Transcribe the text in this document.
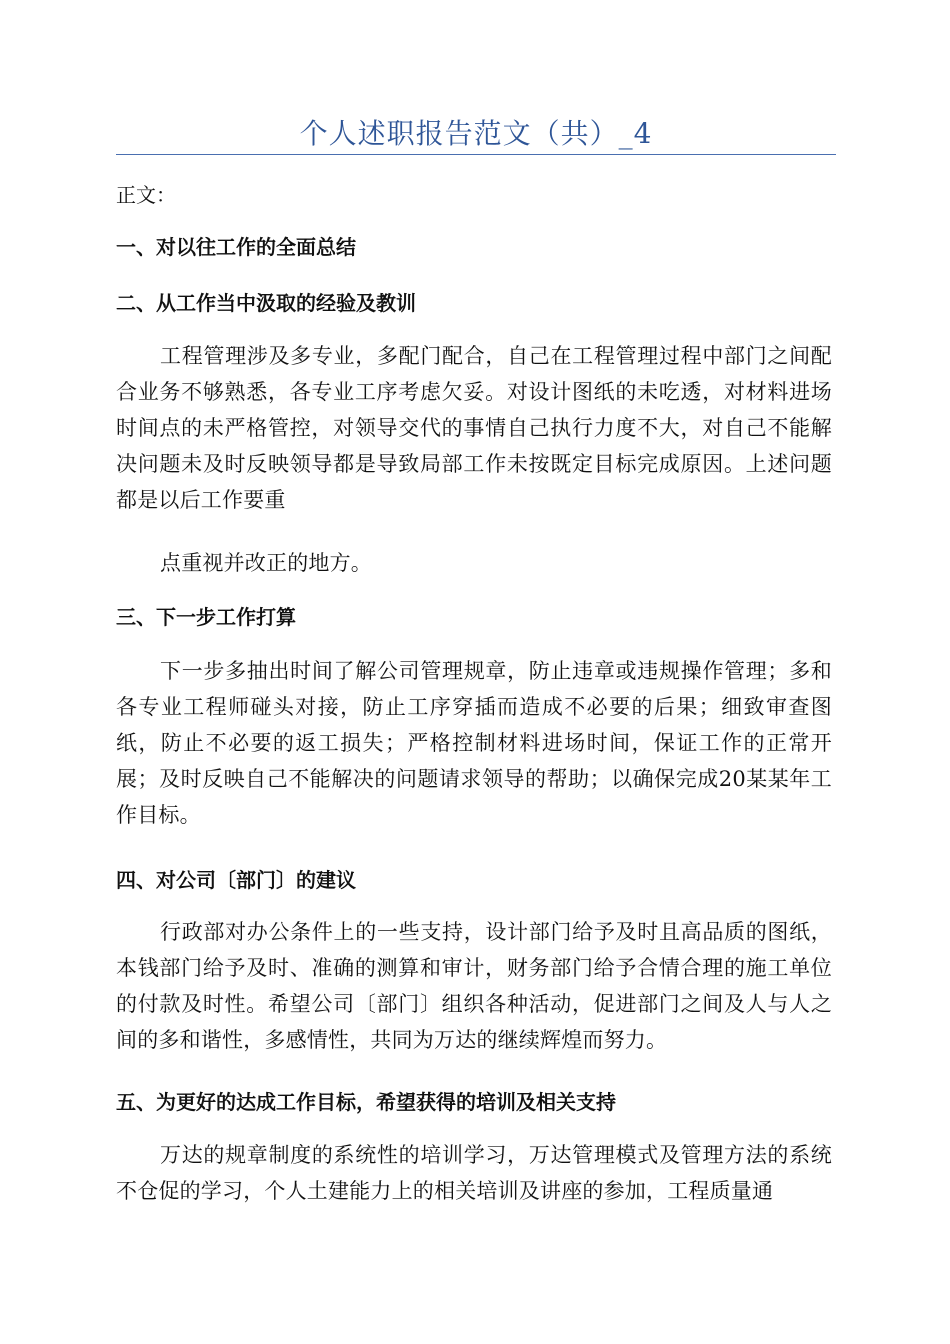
个人述职报告范文（共）_4
正文：
一、对以往工作的全面总结
二、从工作当中汲取的经验及教训
工程管理涉及多专业，多配门配合，自己在工程管理过程中部门之间配合业务不够熟悉，各专业工序考虑欠妥。对设计图纸的未吃透，对材料进场时间点的未严格管控，对领导交代的事情自己执行力度不大，对自己不能解决问题未及时反映领导都是导致局部工作未按既定目标完成原因。上述问题都是以后工作要重
点重视并改正的地方。
三、下一步工作打算
下一步多抽出时间了解公司管理规章，防止违章或违规操作管理；多和各专业工程师碰头对接，防止工序穿插而造成不必要的后果；细致审查图纸，防止不必要的返工损失；严格控制材料进场时间，保证工作的正常开展；及时反映自己不能解决的问题请求领导的帮助；以确保完成20某某年工作目标。
四、对公司〔部门〕的建议
行政部对办公条件上的一些支持，设计部门给予及时且高品质的图纸，本钱部门给予及时、准确的测算和审计，财务部门给予合情合理的施工单位的付款及时性。希望公司〔部门〕组织各种活动，促进部门之间及人与人之间的多和谐性，多感情性，共同为万达的继续辉煌而努力。
五、为更好的达成工作目标，希望获得的培训及相关支持
万达的规章制度的系统性的培训学习，万达管理模式及管理方法的系统不仓促的学习，个人土建能力上的相关培训及讲座的参加，工程质量通
